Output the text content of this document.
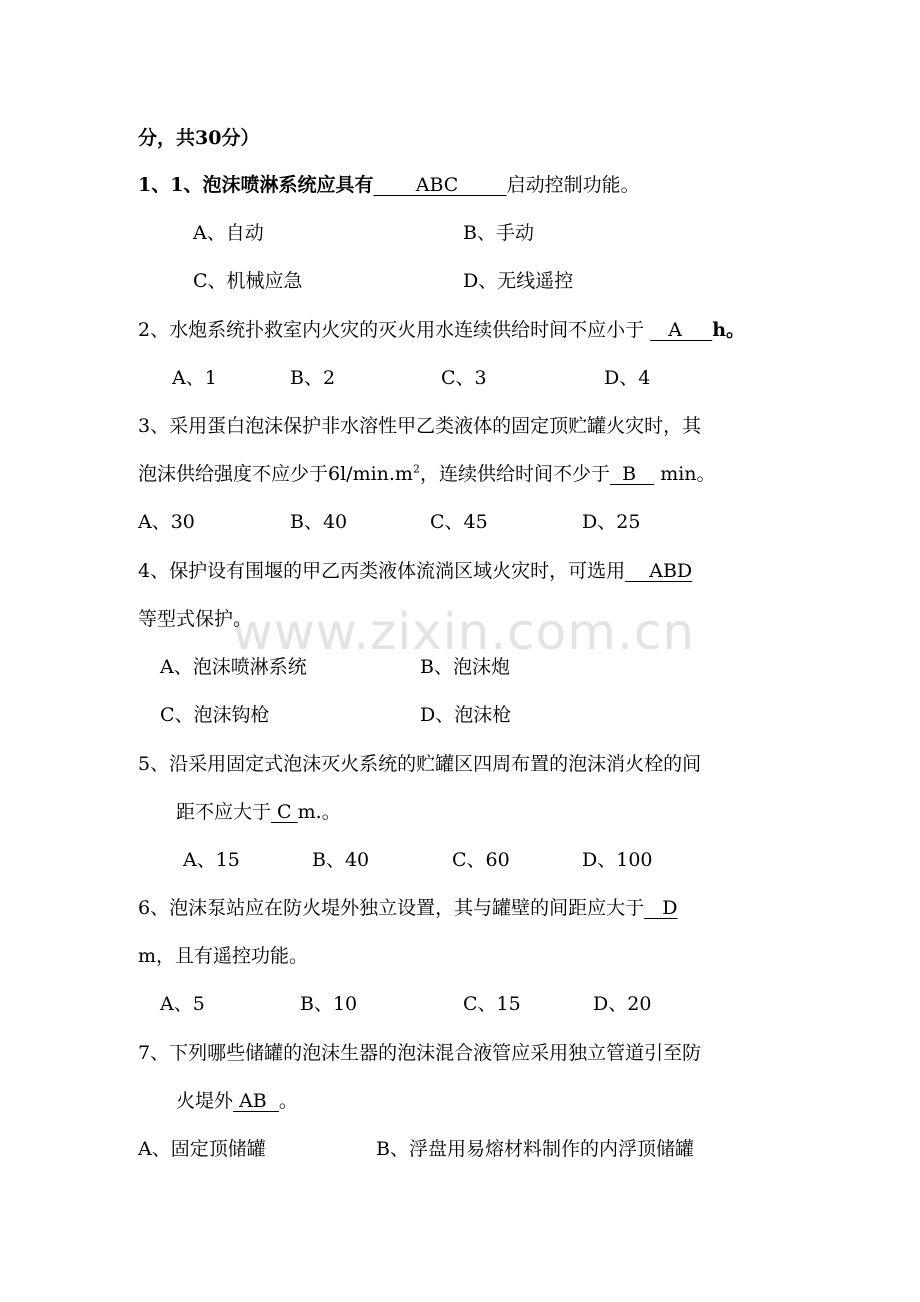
www.zixin.com.cn
分，共30分）
1、1、泡沫喷淋系统应具有       ABC        启动控制功能。
A、自动	B、手动
C、机械应急	D、无线遥控
2、水炮系统扑救室内火灾的灭火用水连续供给时间不应小于    A     h。
A、1	B、2	C、3	D、4
3、采用蛋白泡沫保护非水溶性甲乙类液体的固定顶贮罐火灾时，其
泡沫供给强度不应少于$6l/\min.m^2$，连续供给时间不少于  B    min。
A、30	B、40	C、45	D、25
4、保护设有围堰的甲乙丙类液体流淌区域火灾时，可选用    ABD
等型式保护。
A、泡沫喷淋系统	B、泡沫炮
C、泡沫钩枪	D、泡沫枪
5、沿采用固定式泡沫灭火系统的贮罐区四周布置的泡沫消火栓的间
距不应大于 C m.。
A、15	B、40	C、60	D、100
6、泡沫泵站应在防火堤外独立设置，其与罐壁的间距应大于   D
m，且有遥控功能。
A、5	B、10	C、15	D、20
7、下列哪些储罐的泡沫生器的泡沫混合液管应采用独立管道引至防
火堤外 AB  。
A、固定顶储罐	B、浮盘用易熔材料制作的内浮顶储罐
